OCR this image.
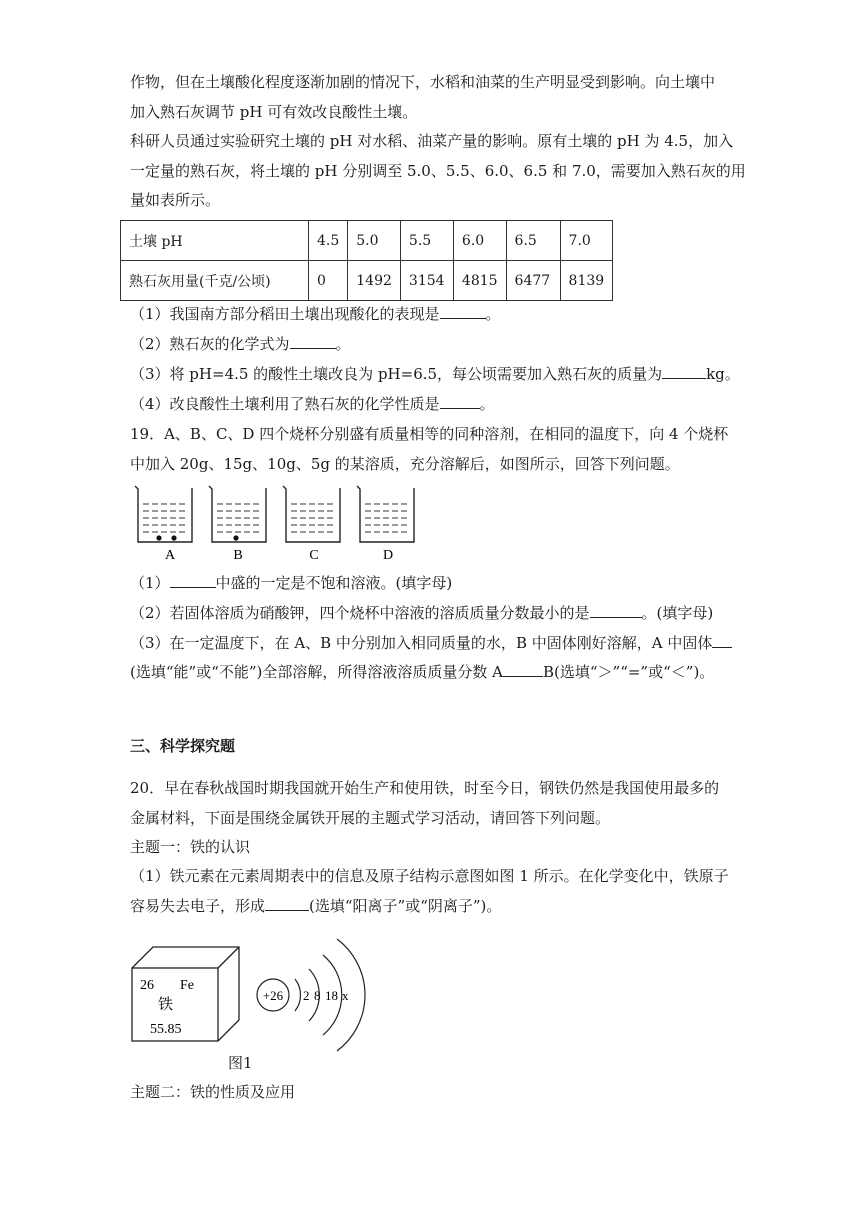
作物，但在土壤酸化程度逐渐加剧的情况下，水稻和油菜的生产明显受到影响。向土壤中
加入熟石灰调节 pH 可有效改良酸性土壤。
科研人员通过实验研究土壤的 pH 对水稻、油菜产量的影响。原有土壤的 pH 为 4.5，加入
一定量的熟石灰，将土壤的 pH 分别调至 5.0、5.5、6.0、6.5 和 7.0，需要加入熟石灰的用
量如表所示。
土壤 pH	4.5	5.0	5.5	6.0	6.5	7.0
熟石灰用量(千克/公顷)	0	1492	3154	4815	6477	8139
（1）我国南方部分稻田土壤出现酸化的表现是	。
（2）熟石灰的化学式为	。
（3）将 pH=4.5 的酸性土壤改良为 pH=6.5，每公顷需要加入熟石灰的质量为	kg。
（4）改良酸性土壤利用了熟石灰的化学性质是	。
19．A、B、C、D 四个烧杯分别盛有质量相等的同种溶剂，在相同的温度下，向 4 个烧杯
中加入 20g、15g、10g、5g 的某溶质，充分溶解后，如图所示，回答下列问题。
A	B	C	D
（1）	中盛的一定是不饱和溶液。(填字母)
（2）若固体溶质为硝酸钾，四个烧杯中溶液的溶质质量分数最小的是	。(填字母)
（3）在一定温度下，在 A、B 中分别加入相同质量的水，B 中固体刚好溶解，A 中固体
(选填“能”或“不能”)全部溶解，所得溶液溶质质量分数 A	B(选填“＞”“=”或“＜”)。
三、科学探究题
20．早在春秋战国时期我国就开始生产和使用铁，时至今日，钢铁仍然是我国使用最多的
金属材料，下面是围绕金属铁开展的主题式学习活动，请回答下列问题。
主题一：铁的认识
（1）铁元素在元素周期表中的信息及原子结构示意图如图 1 所示。在化学变化中，铁原子
容易失去电子，形成	(选填“阳离子”或“阴离子”)。
26 Fe
铁
55.85
+26 2 8 18 x
图1
主题二：铁的性质及应用
